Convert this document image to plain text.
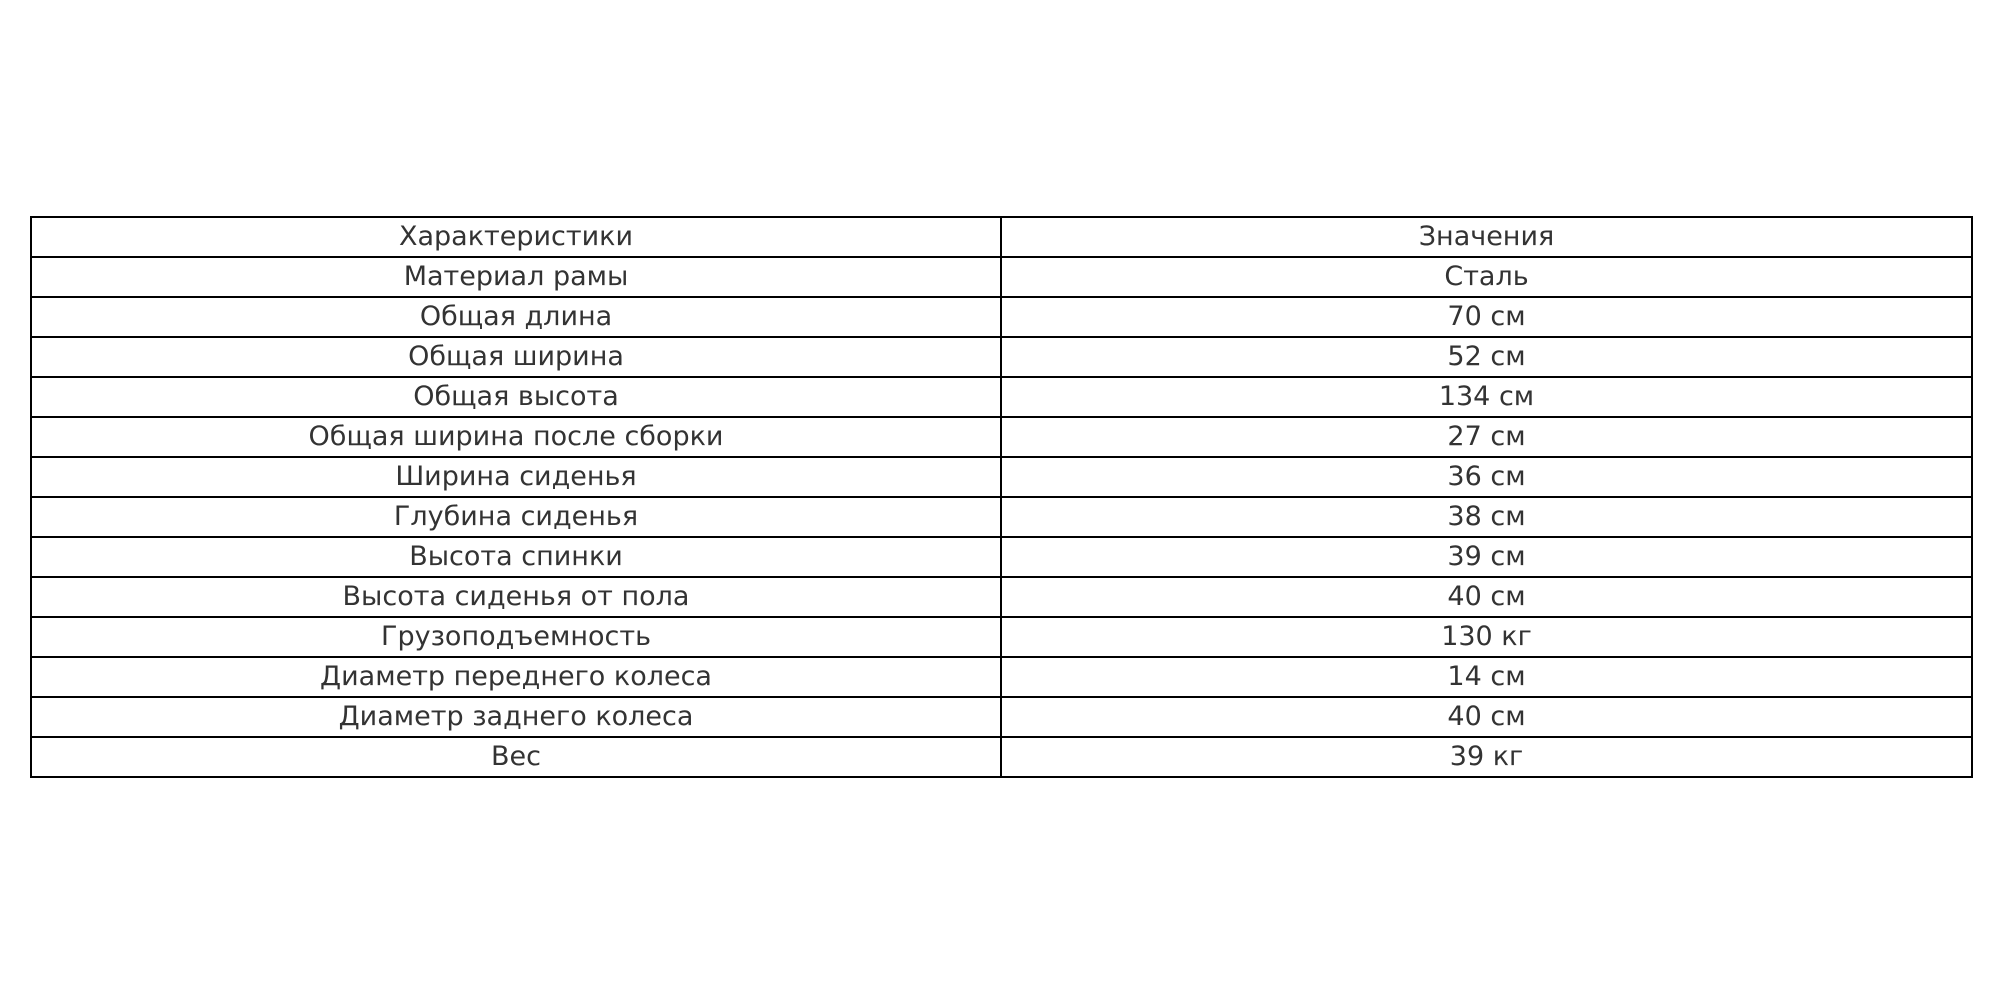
Характеристики	Значения
Материал рамы	Сталь
Общая длина	70 см
Общая ширина	52 см
Общая высота	134 см
Общая ширина после сборки	27 см
Ширина сиденья	36 см
Глубина сиденья	38 см
Высота спинки	39 см
Высота сиденья от пола	40 см
Грузоподъемность	130 кг
Диаметр переднего колеса	14 см
Диаметр заднего колеса	40 см
Вес	39 кг
